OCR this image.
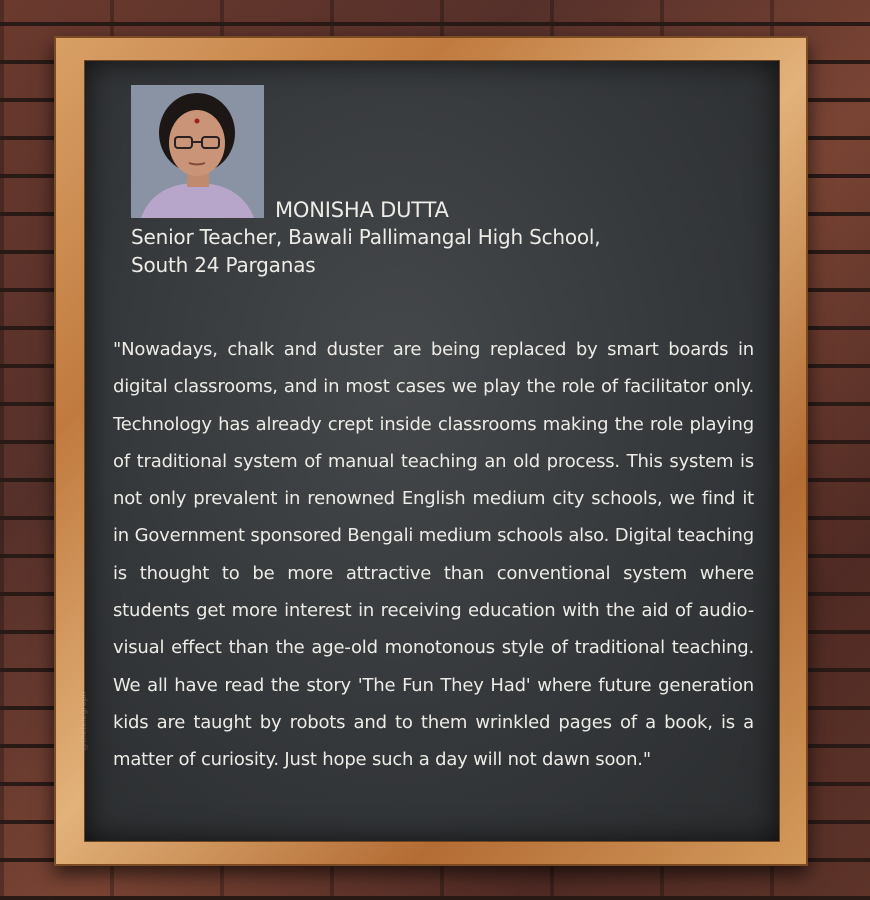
MONISHA DUTTA
Senior Teacher, Bawali Pallimangal High School,
South 24 Parganas
"Nowadays, chalk and duster are being replaced by smart boards in digital classrooms, and in most cases we play the role of facilitator only. Technology has already crept inside classrooms making the role playing of traditional system of manual teaching an old process. This system is not only prevalent in renowned English medium city schools, we find it in Government sponsored Bengali medium schools also. Digital teaching is thought to be more attractive than conventional system where students get more interest in receiving education with the aid of audio-visual effect than the age-old monotonous style of traditional teaching. We all have read the story 'The Fun They Had' where future generation kids are taught by robots and to them wrinkled pages of a book, is a matter of curiosity. Just hope such a day will not dawn soon."
@thetelegraph
